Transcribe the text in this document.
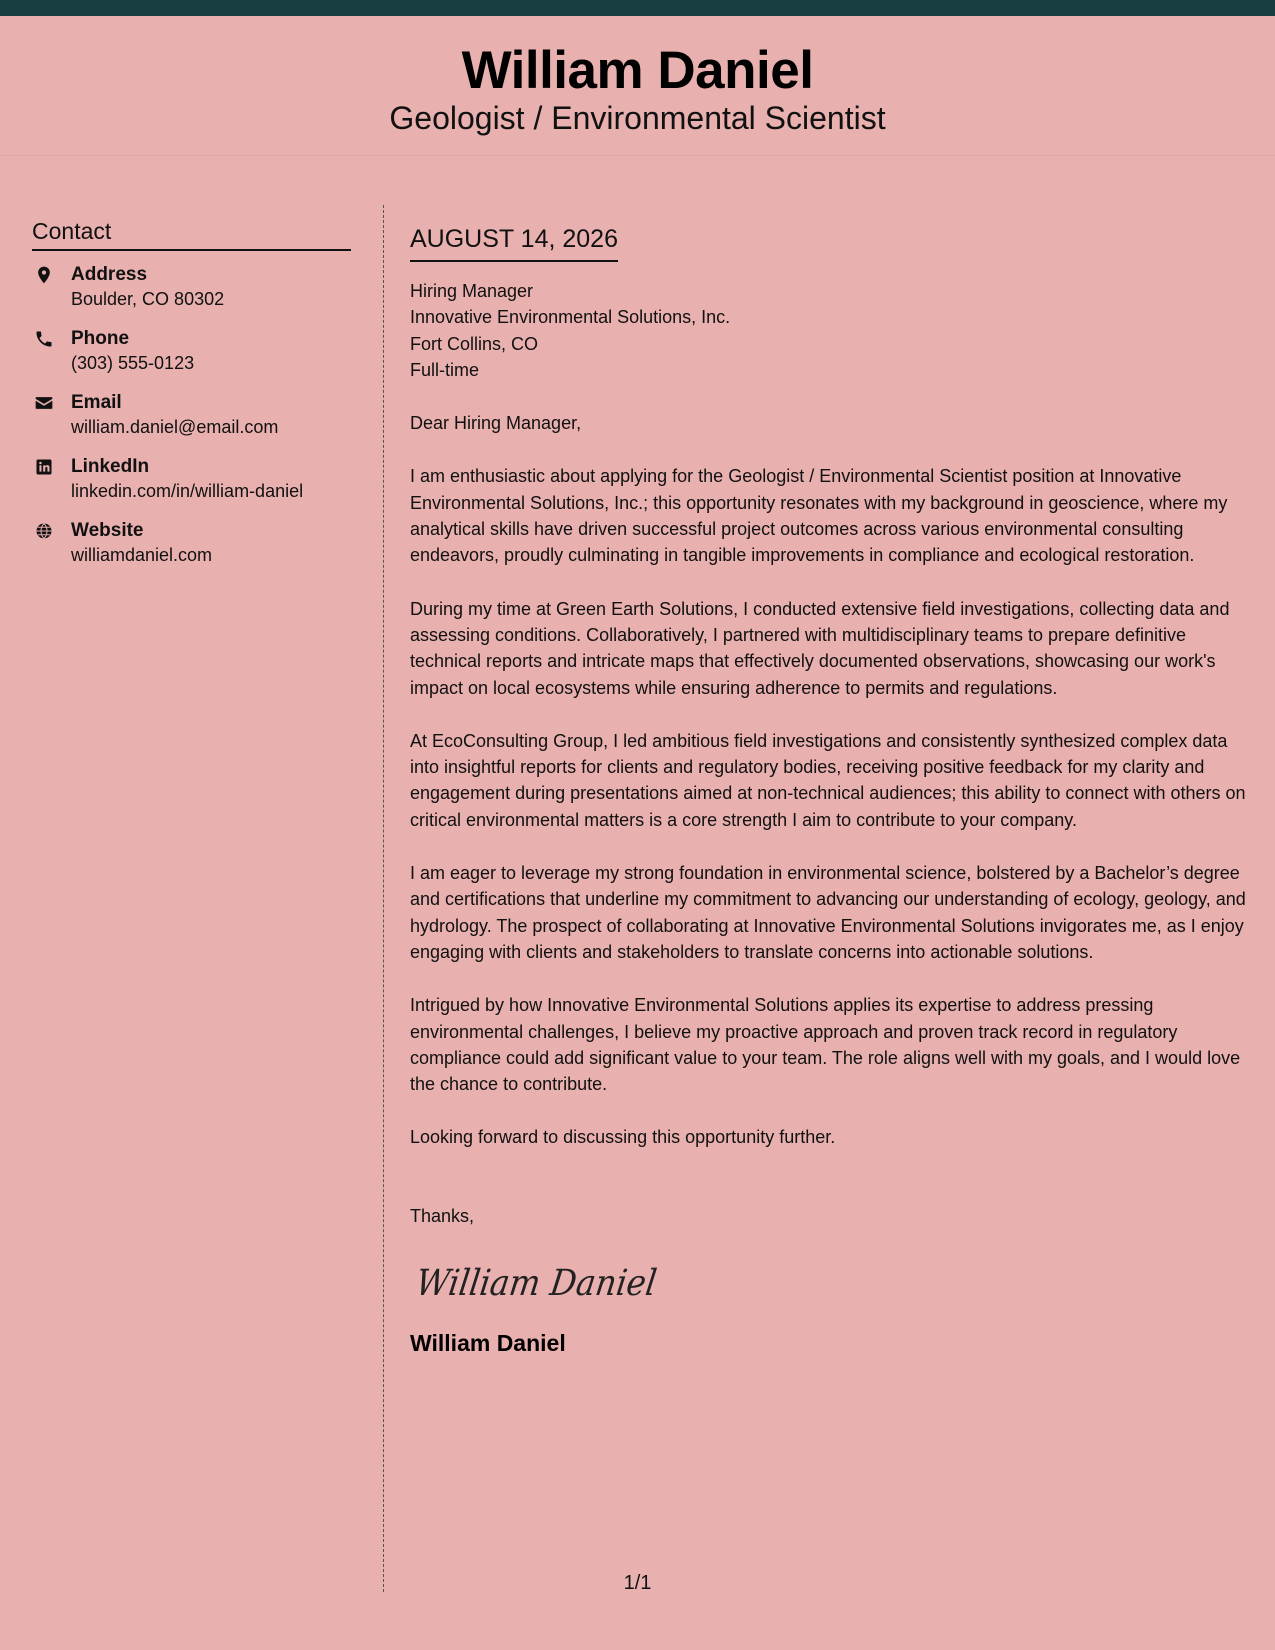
William Daniel
Geologist / Environmental Scientist
Contact
Address
Boulder, CO 80302
Phone
(303) 555-0123
Email
william.daniel@email.com
LinkedIn
linkedin.com/in/william-daniel
Website
williamdaniel.com
AUGUST 14, 2026
Hiring Manager
Innovative Environmental Solutions, Inc.
Fort Collins, CO
Full-time

Dear Hiring Manager,

I am enthusiastic about applying for the Geologist / Environmental Scientist position at Innovative Environmental Solutions, Inc.; this opportunity resonates with my background in geoscience, where my analytical skills have driven successful project outcomes across various environmental consulting endeavors, proudly culminating in tangible improvements in compliance and ecological restoration.

During my time at Green Earth Solutions, I conducted extensive field investigations, collecting data and assessing conditions. Collaboratively, I partnered with multidisciplinary teams to prepare definitive technical reports and intricate maps that effectively documented observations, showcasing our work's impact on local ecosystems while ensuring adherence to permits and regulations.

At EcoConsulting Group, I led ambitious field investigations and consistently synthesized complex data into insightful reports for clients and regulatory bodies, receiving positive feedback for my clarity and engagement during presentations aimed at non-technical audiences; this ability to connect with others on critical environmental matters is a core strength I aim to contribute to your company.

I am eager to leverage my strong foundation in environmental science, bolstered by a Bachelor’s degree and certifications that underline my commitment to advancing our understanding of ecology, geology, and hydrology. The prospect of collaborating at Innovative Environmental Solutions invigorates me, as I enjoy engaging with clients and stakeholders to translate concerns into actionable solutions.

Intrigued by how Innovative Environmental Solutions applies its expertise to address pressing environmental challenges, I believe my proactive approach and proven track record in regulatory compliance could add significant value to your team. The role aligns well with my goals, and I would love the chance to contribute.

Looking forward to discussing this opportunity further.

Thanks,
William Daniel
William Daniel
1/1
